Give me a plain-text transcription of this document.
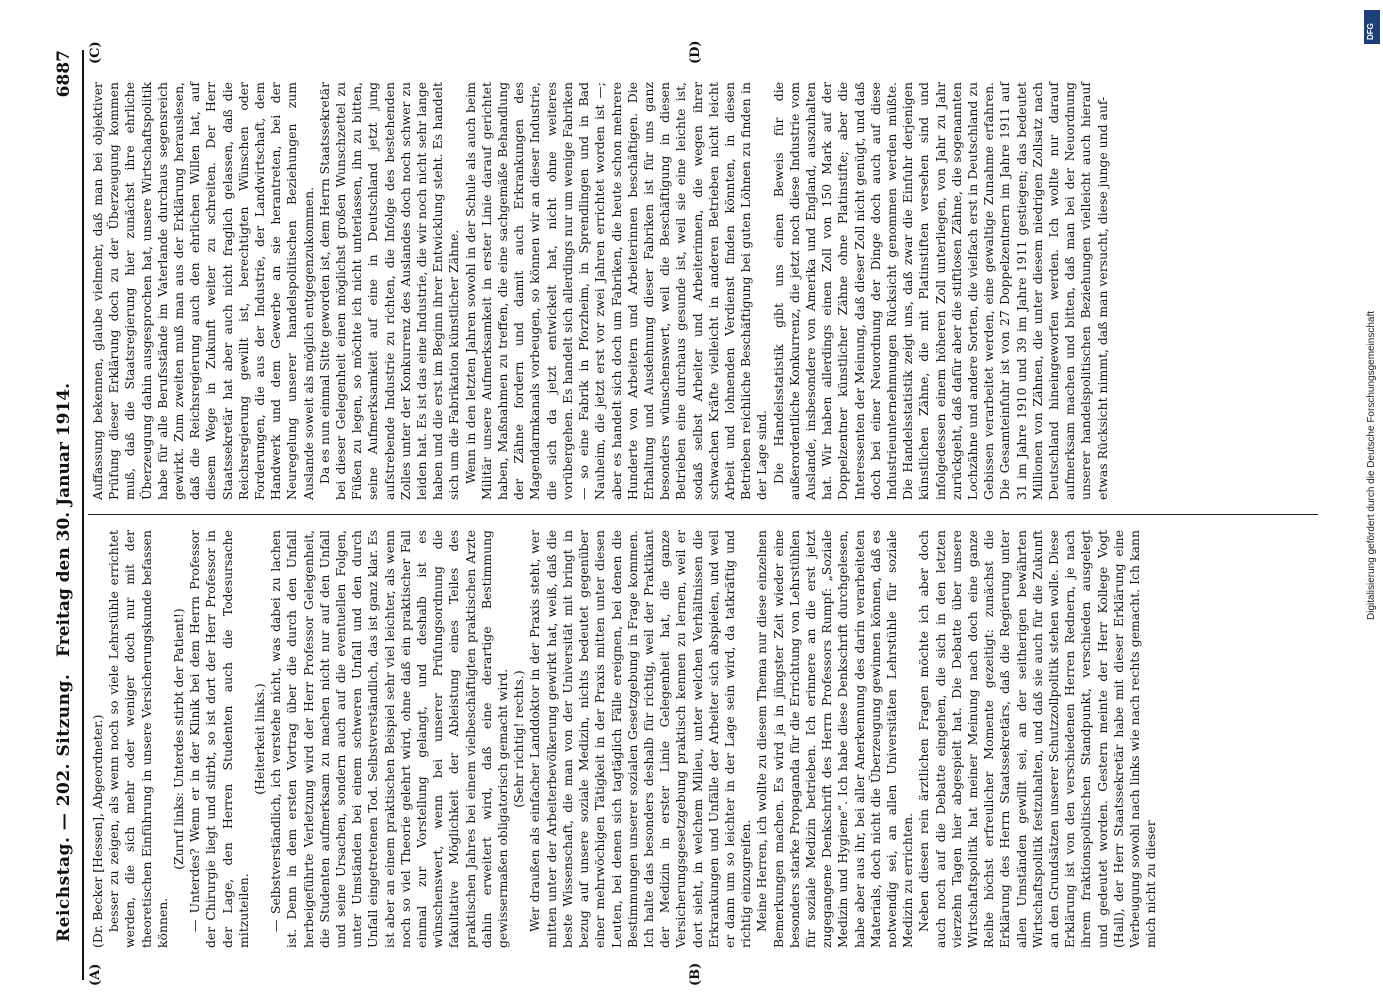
Reichstag. — 202. Sitzung.
Freitag den 30. Januar 1914.
6887
(A)	(B)
(C)	(D)

(Dr. Becker [Hessen], Abgeordneter.) besser zu zeigen, als wenn noch so viele Lehrstühle errichtet werden, die sich mehr oder weniger doch nur mit der theoretischen Einführung in unsere Versicherungskunde befassen können.

(Zuruf links: Unterdes stirbt der Patient!) — Unterdes? Wenn er in der Klinik bei dem Herrn Professor der Chirurgie liegt und stirbt, so ist dort der Herr Professor in der Lage, den Herren Studenten auch die Todesursache mitzuteilen.

(Heiterkeit links.) — Selbstverständlich, ich verstehe nicht, was dabei zu lachen ist. Denn in dem ersten Vortrag über die durch den Unfall herbeigeführte Verletzung wird der Herr Professor Gelegenheit, die Studenten aufmerksam zu machen nicht nur auf den Unfall und seine Ursachen, sondern auch auf die eventuellen Folgen, unter Umständen bei einem schweren Unfall und den durch Unfall eingetretenen Tod. Selbstverständlich, das ist ganz klar. Es ist aber an einem praktischen Beispiel sehr viel leichter, als wenn noch so viel Theorie gelehrt wird, ohne daß ein praktischer Fall einmal zur Vorstellung gelangt, und deshalb ist es wünschenswert, wenn bei unserer Prüfungsordnung die fakultative Möglichkeit der Ableistung eines Teiles des praktischen Jahres bei einem vielbeschäftigten praktischen Arzte dahin erweitert wird, daß eine derartige Bestimmung gewissermaßen obligatorisch gemacht wird. (Sehr richtig! rechts.) Wer draußen als einfacher Landdoktor in der Praxis steht, wer mitten unter der Arbeiterbevölkerung gewirkt hat, weiß, daß die beste Wissenschaft, die man von der Universität mit bringt in bezug auf unsere soziale Medizin, nichts bedeutet gegenüber einer mehrwöchigen Tätigkeit in der Praxis mitten unter diesen Leuten, bei denen sich tagtäglich Fälle ereignen, bei denen die Bestimmungen unserer sozialen Gesetzgebung in Frage kommen. Ich halte das besonders deshalb für richtig, weil der Praktikant der Medizin in erster Linie Gelegenheit hat, die ganze Versicherungsgesetzgebung praktisch kennen zu lernen, weil er dort sieht, in welchem Milieu, unter welchen Verhältnissen die Erkrankungen und Unfälle der Arbeiter sich abspielen, und weil er dann um so leichter in der Lage sein wird, da tatkräftig und richtig einzugreifen. Meine Herren, ich wollte zu diesem Thema nur diese einzelnen Bemerkungen machen. Es wird ja in jüngster Zeit wieder eine besonders starke Propaganda für die Errichtung von Lehrstühlen für soziale Medizin betrieben. Ich erinnere an die erst jetzt zugegangene Denkschrift des Herrn Professors Rumpf: „Soziale Medizin und Hygiene“. Ich habe diese Denkschrift durchgelesen, habe aber aus ihr, bei aller Anerkennung des darin verarbeiteten Materials, doch nicht die Überzeugung gewinnen können, daß es notwendig sei, an allen Universitäten Lehrstühle für soziale Medizin zu errichten. Neben diesen rein ärztlichen Fragen möchte ich aber doch auch noch auf die Debatte eingehen, die sich in den letzten vierzehn Tagen hier abgespielt hat. Die Debatte über unsere Wirtschaftspolitik hat meiner Meinung nach doch eine ganze Reihe höchst erfreulicher Momente gezeitigt: zunächst die Erklärung des Herrn Staatssekretärs, daß die Regierung unter allen Umständen gewillt sei, an der seitherigen bewährten Wirtschaftspolitik festzuhalten, und daß sie auch für die Zukunft an den Grundsätzen unserer Schutzzollpolitik stehen wolle. Diese Erklärung ist von den verschiedenen Herren Rednern, je nach ihrem fraktionspolitischen Standpunkt, verschieden ausgelegt und gedeutet worden. Gestern meinte der Herr Kollege Vogt (Hall), der Herr Staatssekretär habe mit dieser Erklärung eine Verbeugung sowohl nach links wie nach rechts gemacht. Ich kann mich nicht zu dieser

Auffassung bekennen, glaube vielmehr, daß man bei objektiver Prüfung dieser Erklärung doch zu der Überzeugung kommen muß, daß die Staatsregierung hier zunächst ihre ehrliche Überzeugung dahin ausgesprochen hat, unsere Wirtschaftspolitik habe für alle Berufsstände im Vaterlande durchaus segensreich gewirkt. Zum zweiten muß man aus der Erklärung herauslesen, daß die Reichsregierung auch den ehrlichen Willen hat, auf diesem Wege in Zukunft weiter zu schreiten. Der Herr Staatssekretär hat aber auch nicht fraglich gelassen, daß die Reichsregierung gewillt ist, berechtigten Wünschen oder Forderungen, die aus der Industrie, der Landwirtschaft, dem Handwerk und dem Gewerbe an sie herantreten, bei der Neuregelung unserer handelspolitischen Beziehungen zum Auslande soweit als möglich entgegenzukommen. Da es nun einmal Sitte geworden ist, dem Herrn Staatssekretär bei dieser Gelegenheit einen möglichst großen Wunschzettel zu Füßen zu legen, so möchte ich nicht unterlassen, ihn zu bitten, seine Aufmerksamkeit auf eine in Deutschland jetzt jung aufstrebende Industrie zu richten, die Infolge des bestehenden Zolles unter der Konkurrenz des Auslandes doch noch schwer zu leiden hat. Es ist das eine Industrie, die wir noch nicht sehr lange haben und die erst im Beginn ihrer Entwicklung steht. Es handelt sich um die Fabrikation künstlicher Zähne. Wenn in den letzten Jahren sowohl in der Schule als auch beim Militär unsere Aufmerksamkeit in erster Linie darauf gerichtet haben, Maßnahmen zu treffen, die eine sachgemäße Behandlung der Zähne fordern und damit auch Erkrankungen des Magendarmkanals vorbeugen, so können wir an dieser Industrie, die sich da jetzt entwickelt hat, nicht ohne weiteres vorübergehen. Es handelt sich allerdings nur um wenige Fabriken — so eine Fabrik in Pforzheim, in Sprendlingen und in Bad Nauheim, die jetzt erst vor zwei Jahren errichtet worden ist —; aber es handelt sich doch um Fabriken, die heute schon mehrere Hunderte von Arbeitern und Arbeiterinnen beschäftigen. Die Erhaltung und Ausdehnung dieser Fabriken ist für uns ganz besonders wünschenswert, weil die Beschäftigung in diesen Betrieben eine durchaus gesunde ist, weil sie eine leichte ist, sodaß selbst Arbeiter und Arbeiterinnen, die wegen ihrer schwachen Kräfte vielleicht in anderen Betrieben nicht leicht Arbeit und lohnenden Verdienst finden könnten, in diesen Betrieben reichliche Beschäftigung bei guten Löhnen zu finden in der Lage sind. Die Handelsstatistik gibt uns einen Beweis für die außerordentliche Konkurrenz, die jetzt noch diese Industrie vom Auslande, insbesondere von Amerika und England, auszuhalten hat. Wir haben allerdings einen Zoll von 150 Mark auf der Doppelzentner künstlicher Zähne ohne Platinstifte; aber die Interessenten der Meinung, daß dieser Zoll nicht genügt, und daß doch bei einer Neuordnung der Dinge doch auch auf diese Industrieunternehmungen Rücksicht genommen werden müßte. Die Handelsstatistik zeigt uns, daß zwar die Einfuhr derjenigen künstlichen Zähne, die mit Platinstiften versehen sind und infolgedessen einem höheren Zoll unterliegen, von Jahr zu Jahr zurückgeht, daß dafür aber die stiftlosen Zähne, die sogenannten Lochzähne und andere Sorten, die vielfach erst in Deutschland zu Gebissen verarbeitet werden, eine gewaltige Zunahme erfahren. Die Gesamteinfuhr ist von 27 Doppelzentnern im Jahre 1911 auf 31 im Jahre 1910 und 39 im Jahre 1911 gestiegen; das bedeutet Millionen von Zähnen, die unter diesem niedrigen Zollsatz nach Deutschland hineingeworfen werden. Ich wollte nur darauf aufmerksam machen und bitten, daß man bei der Neuordnung unserer handelspolitischen Beziehungen vielleicht auch hierauf etwas Rücksicht nimmt, daß man versucht, diese junge und auf-

DFG
Digitalisierung gefördert durch die Deutsche Forschungsgemeinschaft
